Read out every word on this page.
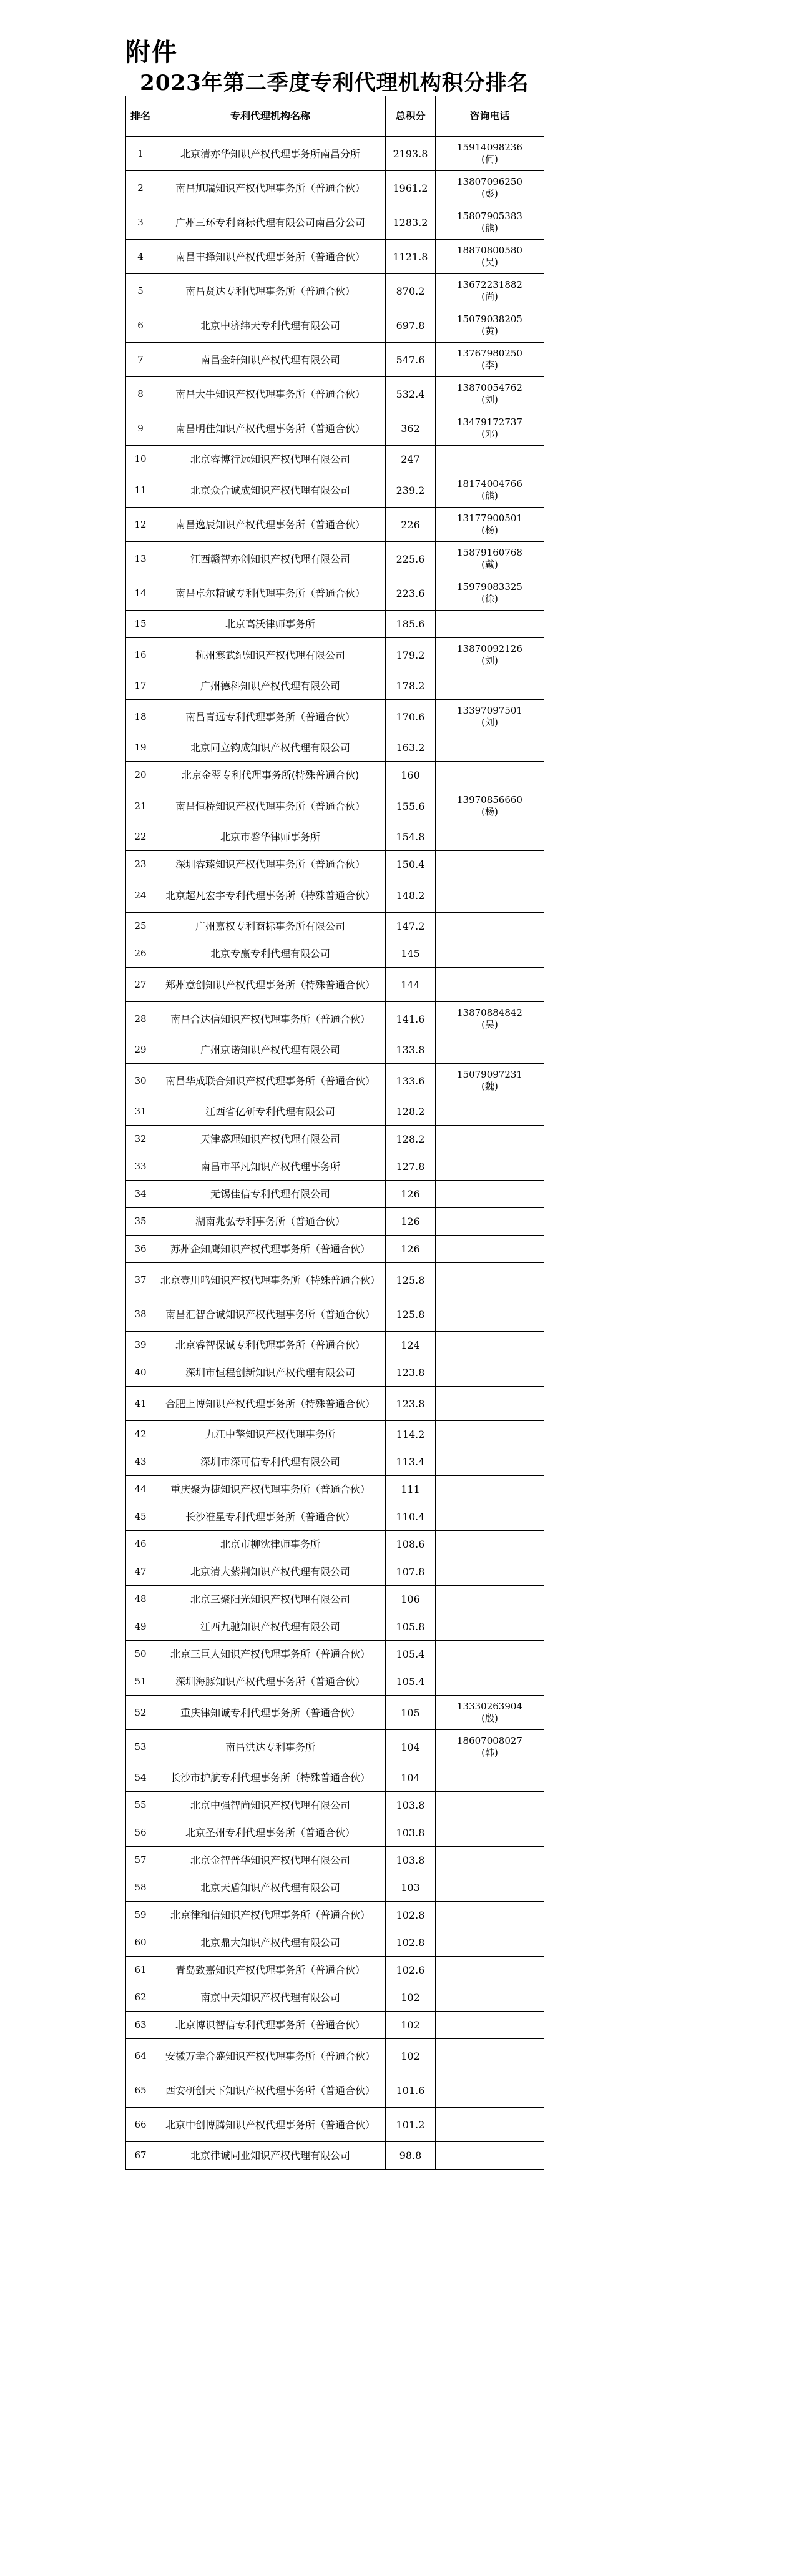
附件
2023年第二季度专利代理机构积分排名
排名	专利代理机构名称	总积分	咨询电话
1	北京清亦华知识产权代理事务所南昌分所	2193.8	15914098236
(何)

2	南昌旭瑞知识产权代理事务所（普通合伙）	1961.2	13807096250
(彭)

3	广州三环专利商标代理有限公司南昌分公司	1283.2	15807905383
(熊)

4	南昌丰择知识产权代理事务所（普通合伙）	1121.8	18870800580
(吴)

5	南昌贤达专利代理事务所（普通合伙）	870.2	13672231882
(尚)

6	北京中济纬天专利代理有限公司	697.8	15079038205
(黄)

7	南昌金轩知识产权代理有限公司	547.6	13767980250
(李)

8	南昌大牛知识产权代理事务所（普通合伙）	532.4	13870054762
(刘)

9	南昌明佳知识产权代理事务所（普通合伙）	362	13479172737
(邓)

10	北京睿博行远知识产权代理有限公司	247	

11	北京众合诚成知识产权代理有限公司	239.2	18174004766
(熊)

12	南昌逸辰知识产权代理事务所（普通合伙）	226	13177900501
(杨)

13	江西赣智亦创知识产权代理有限公司	225.6	15879160768
(戴)

14	南昌卓尔精诚专利代理事务所（普通合伙）	223.6	15979083325
(徐)

15	北京高沃律师事务所	185.6	

16	杭州寒武纪知识产权代理有限公司	179.2	13870092126
(刘)

17	广州德科知识产权代理有限公司	178.2	

18	南昌青远专利代理事务所（普通合伙）	170.6	13397097501
(刘)

19	北京同立钧成知识产权代理有限公司	163.2	

20	北京金翌专利代理事务所(特殊普通合伙)	160	

21	南昌恒桥知识产权代理事务所（普通合伙）	155.6	13970856660
(杨)

22	北京市磐华律师事务所	154.8	

23	深圳睿臻知识产权代理事务所（普通合伙）	150.4	

24	北京超凡宏宇专利代理事务所（特殊普通合伙）	148.2	

25	广州嘉权专利商标事务所有限公司	147.2	

26	北京专赢专利代理有限公司	145	

27	郑州意创知识产权代理事务所（特殊普通合伙）	144	

28	南昌合达信知识产权代理事务所（普通合伙）	141.6	13870884842
(吴)

29	广州京诺知识产权代理有限公司	133.8	

30	南昌华成联合知识产权代理事务所（普通合伙）	133.6	15079097231
(魏)

31	江西省亿研专利代理有限公司	128.2	

32	天津盛理知识产权代理有限公司	128.2	

33	南昌市平凡知识产权代理事务所	127.8	

34	无锡佳信专利代理有限公司	126	

35	湖南兆弘专利事务所（普通合伙）	126	

36	苏州企知鹰知识产权代理事务所（普通合伙）	126	

37	北京壹川鸣知识产权代理事务所（特殊普通合伙）	125.8	

38	南昌汇智合诚知识产权代理事务所（普通合伙）	125.8	

39	北京睿智保诚专利代理事务所（普通合伙）	124	

40	深圳市恒程创新知识产权代理有限公司	123.8	

41	合肥上博知识产权代理事务所（特殊普通合伙）	123.8	

42	九江中擎知识产权代理事务所	114.2	

43	深圳市深可信专利代理有限公司	113.4	

44	重庆聚为捷知识产权代理事务所（普通合伙）	111	

45	长沙准星专利代理事务所（普通合伙）	110.4	

46	北京市柳沈律师事务所	108.6	

47	北京清大紫荆知识产权代理有限公司	107.8	

48	北京三聚阳光知识产权代理有限公司	106	

49	江西九驰知识产权代理有限公司	105.8	

50	北京三巨人知识产权代理事务所（普通合伙）	105.4	

51	深圳海豚知识产权代理事务所（普通合伙）	105.4	

52	重庆律知诚专利代理事务所（普通合伙）	105	13330263904
(殷)

53	南昌洪达专利事务所	104	18607008027
(韩)

54	长沙市护航专利代理事务所（特殊普通合伙）	104	

55	北京中强智尚知识产权代理有限公司	103.8	

56	北京圣州专利代理事务所（普通合伙）	103.8	

57	北京金智普华知识产权代理有限公司	103.8	

58	北京天盾知识产权代理有限公司	103	

59	北京律和信知识产权代理事务所（普通合伙）	102.8	

60	北京鼎大知识产权代理有限公司	102.8	

61	青岛致嘉知识产权代理事务所（普通合伙）	102.6	

62	南京中天知识产权代理有限公司	102	

63	北京博识智信专利代理事务所（普通合伙）	102	

64	安徽万幸合盛知识产权代理事务所（普通合伙）	102	

65	西安研创天下知识产权代理事务所（普通合伙）	101.6	

66	北京中创博腾知识产权代理事务所（普通合伙）	101.2	

67	北京律诚同业知识产权代理有限公司	98.8	
